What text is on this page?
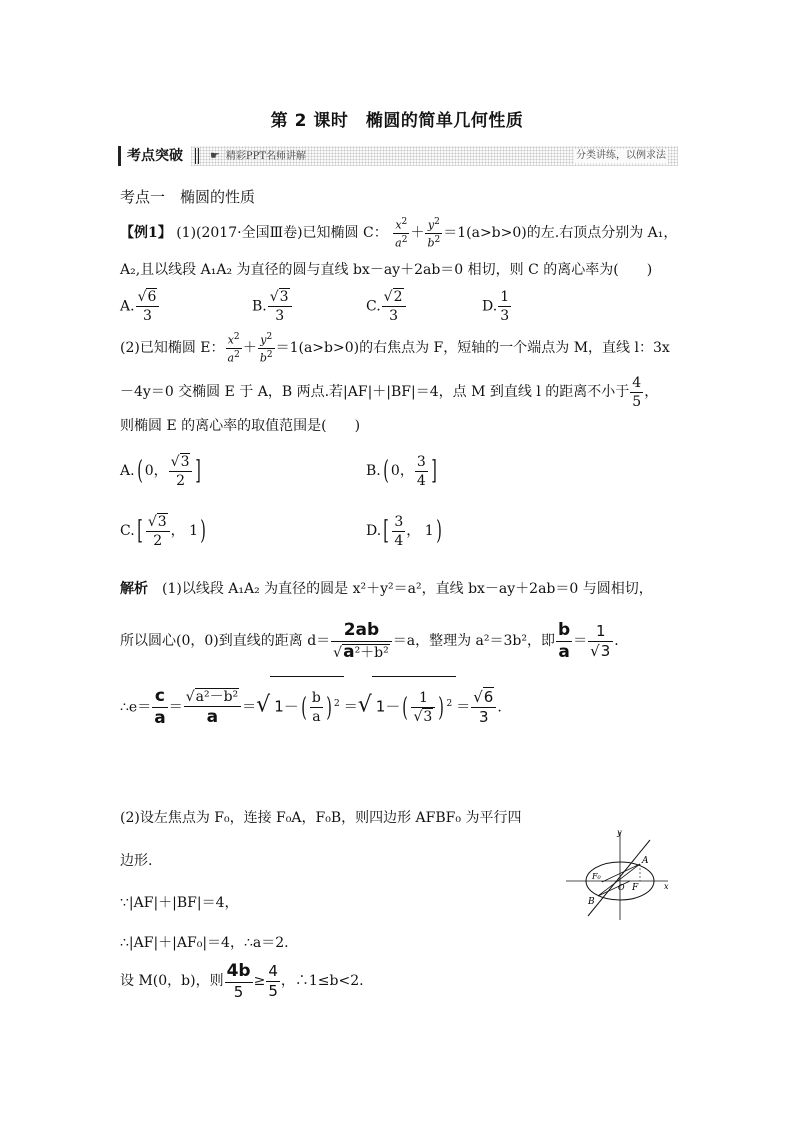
第 2 课时　椭圆的简单几何性质
考点突破	☛ 精彩PPT名师讲解	分类讲练，以例求法
考点一　椭圆的性质
【例1】 (1)(2017·全国Ⅲ卷)已知椭圆 C： $\frac{x^2}{a^2} + \frac{y^2}{b^2} =1(a>b>0)$的左.右顶点分别为 A₁，
A₂,且以线段 A₁A₂ 为直径的圆与直线 bx－ay＋2ab＝0 相切，则 C 的离心率为(　　)
A. $\frac{√6}{3}$	B. $\frac{√3}{3}$	C. $\frac{√2}{3}$	D. $\frac{1}{3}$
(2)已知椭圆 E： $\frac{x^2}{a^2} + \frac{y^2}{b^2} =1(a>b>0)$的右焦点为 F，短轴的一个端点为 M，直线 l：3x
－4y＝0 交椭圆 E 于 A，B 两点.若|AF|＋|BF|＝4，点 M 到直线 l 的距离不小于 $\frac{4}{5}$ ，
则椭圆 E 的离心率的取值范围是(　　)
A.( 0， $\frac{√3}{2}$ ]	B.( 0， $\frac{3}{4}$ ]
$C.[ \frac{√3}{2}$ ， 1)	$D.[ \frac{3}{4}$ ， 1)
解析 (1)以线段 A₁A₂ 为直径的圆是 x²＋y²＝a²，直线 bx－ay＋2ab＝0 与圆相切，
所以圆心(0，0)到直线的距离 $d= \frac{2ab}{\text{√a²＋b²}} =a$，整理为 a²＝3b²，即 $\frac{b}{a} = \frac{1}{√3}$ .
∴e＝ $\frac{c}{a} = \frac{\text{√a²－b²}}{a}$ ＝√ $1-( \frac{b}{a}$ ) $^2$ ＝√ $1-( \frac{1}{√3}$ ) $^2 = \frac{√6}{3}$ .
(2)设左焦点为 F₀，连接 F₀A，F₀B，则四边形 AFBF₀ 为平行四
边形.
∵|AF|＋|BF|＝4，
∴|AF|＋|AF₀|＝4，∴a＝2.
设 M(0，b)，则 $\frac{4b}{5} \ge \frac{4}{5}$ ，∴1≤b<2.
y
x
A
B
O F
F₀
